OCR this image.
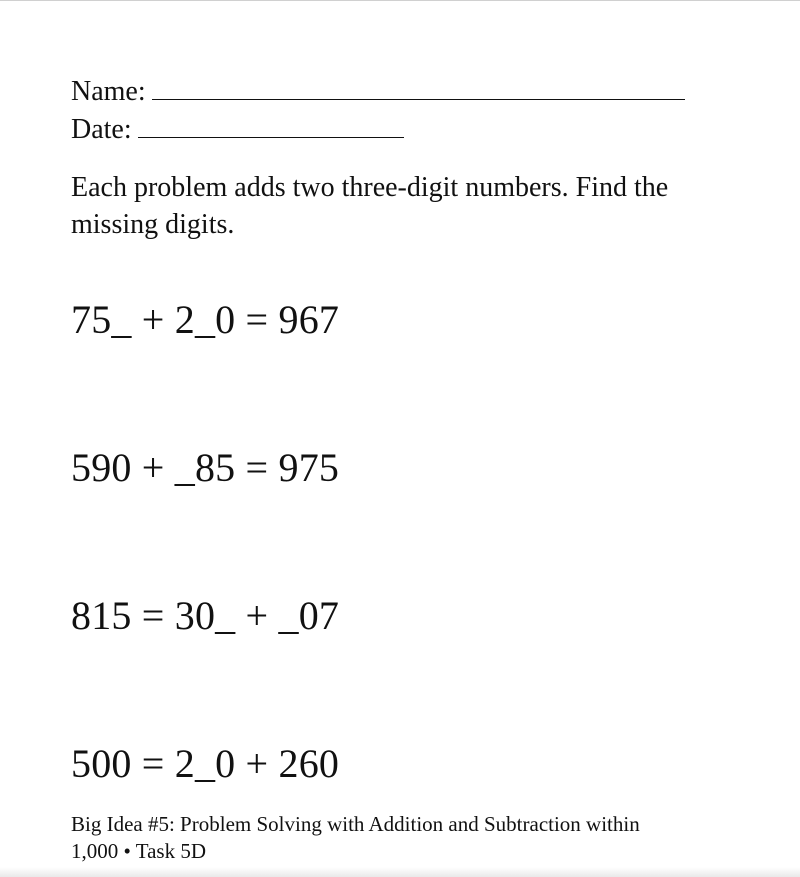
Name:
Date:
Each problem adds two three-digit numbers. Find the missing digits.
75_ + 2_0 = 967
590 + _85 = 975
815 = 30_ + _07
500 = 2_0 + 260
Big Idea #5: Problem Solving with Addition and Subtraction within
1,000 • Task 5D
